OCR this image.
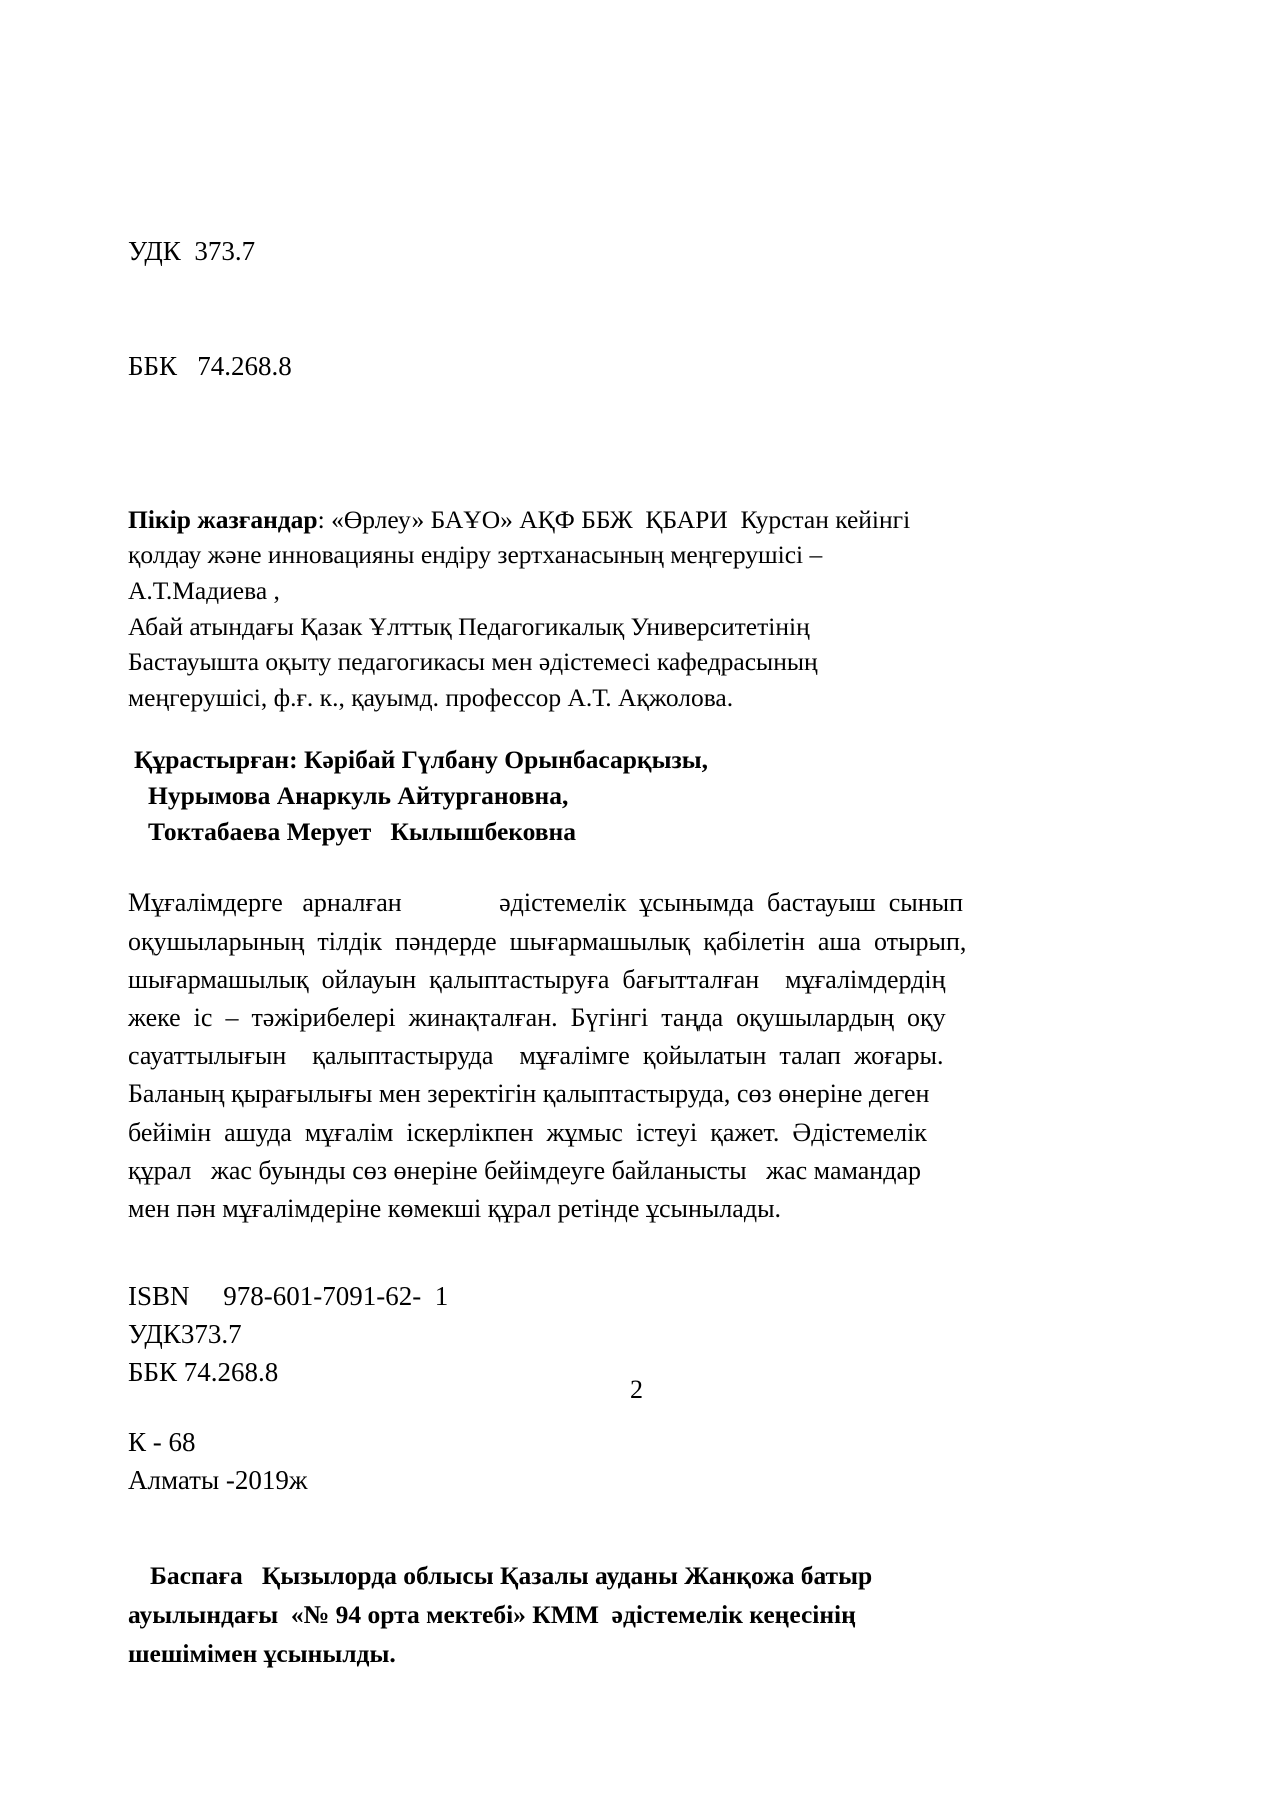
УДК  373.7

ББК   74.268.8

Пікір жазғандар: «Өрлеу» БАҰО» АҚФ ББЖ  ҚБАРИ  Курстан кейінгі
қолдау және инновацияны ендіру зертханасының меңгерушісі –
А.Т.Мадиева ,
Абай атындағы Қазак Ұлттық Педагогикалық Университетінің
Бастауышта оқыту педагогикасы мен әдістемесі кафедрасының
меңгерушісі, ф.ғ. к., қауымд. профессор А.Т. Ақжолова.
Құрастырған: Кәрібай Гүлбану Орынбасарқызы,
Нурымова Анаркуль Айтургановна,
Токтабаева Мерует   Кылышбековна
Мұғалімдерге   арналған	әдістемелік  ұсынымда  бастауыш  сынып
оқушыларының  тілдік  пәндерде  шығармашылық  қабілетін  аша  отырып,
шығармашылық  ойлауын  қалыптастыруға  бағытталған    мұғалімдердің
жеке  іс  –  тәжірибелері  жинақталған.  Бүгінгі  таңда  оқушылардың  оқу
сауаттылығын    қалыптастыруда    мұғалімге  қойылатын  талап  жоғары.
Баланың қырағылығы мен зеректігін қалыптастыруда, сөз өнеріне деген
бейімін  ашуда  мұғалім  іскерлікпен  жұмыс  істеуі  қажет.  Әдістемелік
құрал   жас буынды сөз өнеріне бейімдеуге байланысты   жас мамандар
мен пән мұғалімдеріне көмекші құрал ретінде ұсынылады.
ISBN     978-601-7091-62-  1
УДК373.7
ББК 74.268.8
К - 68
Алматы -2019ж
Баспаға   Қызылорда облысы Қазалы ауданы Жанқожа батыр
ауылындағы  «№ 94 орта мектебі» КММ  әдістемелік кеңесінің
шешімімен ұсынылды.
2
